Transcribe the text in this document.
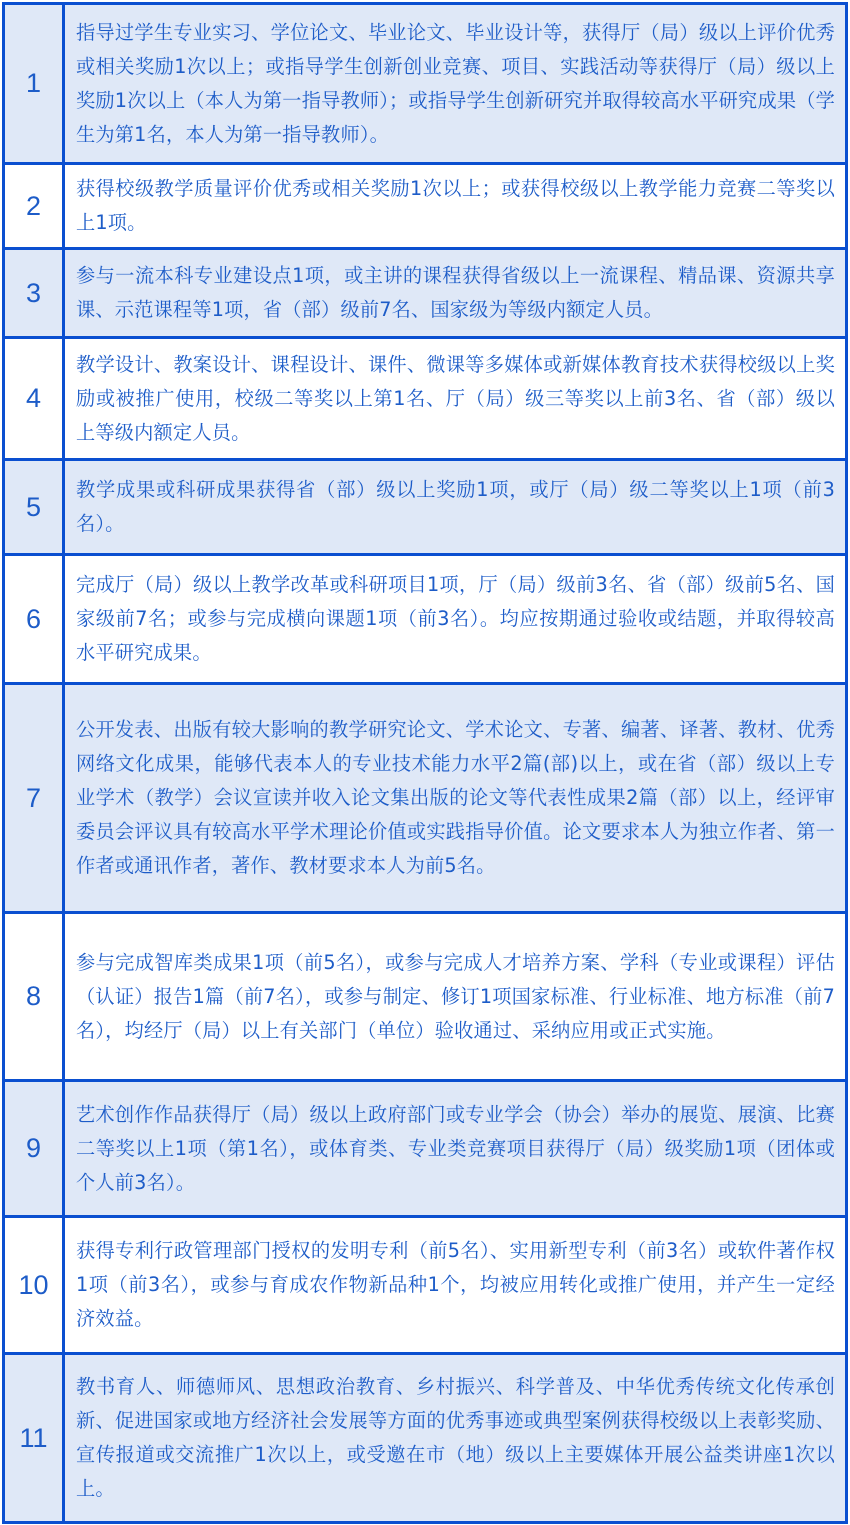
1
指导过学生专业实习、学位论文、毕业论文、毕业设计等，获得厅（局）级以上评价优秀或相关奖励1次以上；或指导学生创新创业竞赛、项目、实践活动等获得厅（局）级以上奖励1次以上（本人为第一指导教师）；或指导学生创新研究并取得较高水平研究成果（学生为第1名，本人为第一指导教师）。
2
获得校级教学质量评价优秀或相关奖励1次以上；或获得校级以上教学能力竞赛二等奖以上1项。
3
参与一流本科专业建设点1项，或主讲的课程获得省级以上一流课程、精品课、资源共享课、示范课程等1项，省（部）级前7名、国家级为等级内额定人员。
4
教学设计、教案设计、课程设计、课件、微课等多媒体或新媒体教育技术获得校级以上奖励或被推广使用，校级二等奖以上第1名、厅（局）级三等奖以上前3名、省（部）级以上等级内额定人员。
5
教学成果或科研成果获得省（部）级以上奖励1项，或厅（局）级二等奖以上1项（前3名）。
6
完成厅（局）级以上教学改革或科研项目1项，厅（局）级前3名、省（部）级前5名、国家级前7名；或参与完成横向课题1项（前3名）。均应按期通过验收或结题，并取得较高水平研究成果。
7
公开发表、出版有较大影响的教学研究论文、学术论文、专著、编著、译著、教材、优秀网络文化成果，能够代表本人的专业技术能力水平2篇(部)以上，或在省（部）级以上专业学术（教学）会议宣读并收入论文集出版的论文等代表性成果2篇（部）以上，经评审委员会评议具有较高水平学术理论价值或实践指导价值。论文要求本人为独立作者、第一作者或通讯作者，著作、教材要求本人为前5名。
8
参与完成智库类成果1项（前5名），或参与完成人才培养方案、学科（专业或课程）评估（认证）报告1篇（前7名），或参与制定、修订1项国家标准、行业标准、地方标准（前7名），均经厅（局）以上有关部门（单位）验收通过、采纳应用或正式实施。
9
艺术创作作品获得厅（局）级以上政府部门或专业学会（协会）举办的展览、展演、比赛二等奖以上1项（第1名），或体育类、专业类竞赛项目获得厅（局）级奖励1项（团体或个人前3名）。
10
获得专利行政管理部门授权的发明专利（前5名）、实用新型专利（前3名）或软件著作权1项（前3名），或参与育成农作物新品种1个，均被应用转化或推广使用，并产生一定经济效益。
11
教书育人、师德师风、思想政治教育、乡村振兴、科学普及、中华优秀传统文化传承创新、促进国家或地方经济社会发展等方面的优秀事迹或典型案例获得校级以上表彰奖励、宣传报道或交流推广1次以上，或受邀在市（地）级以上主要媒体开展公益类讲座1次以上。
